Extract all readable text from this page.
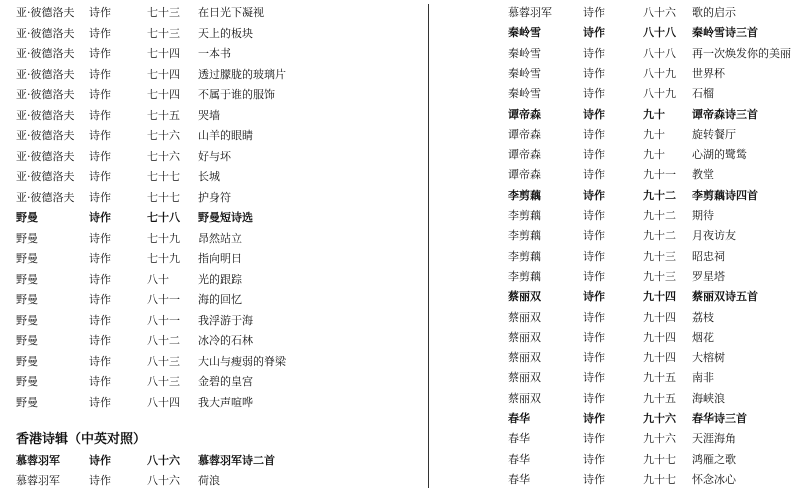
亚·彼德洛夫 诗作	七十三 在日光下凝视
亚·彼德洛夫 诗作	七十三 天上的板块
亚·彼德洛夫 诗作	七十四 一本书
亚·彼德洛夫 诗作	七十四 透过朦胧的玻璃片
亚·彼德洛夫 诗作	七十四 不属于谁的服饰
亚·彼德洛夫 诗作	七十五 哭墙
亚·彼德洛夫 诗作	七十六 山羊的眼睛
亚·彼德洛夫 诗作	七十六 好与坏
亚·彼德洛夫 诗作	七十七 长城
亚·彼德洛夫 诗作	七十七 护身符
野曼	诗作	七十八 野曼短诗选
野曼	诗作	七十九 昂然站立
野曼	诗作	七十九 指向明日
野曼	诗作	八十	光的跟踪
野曼	诗作	八十一 海的回忆
野曼	诗作	八十一 我浮游于海
野曼	诗作	八十二 冰冷的石林
野曼	诗作	八十三 大山与瘦弱的脊梁
野曼	诗作	八十三 金碧的皇宫
野曼	诗作	八十四 我大声喧哗
香港诗辑（中英对照）
慕蓉羽军	诗作	八十六 慕蓉羽军诗二首
慕蓉羽军	诗作	八十六 荷浪
慕蓉羽军	诗作	八十六 歌的启示
秦岭雪	诗作	八十八 秦岭雪诗三首
秦岭雪	诗作	八十八 再一次焕发你的美丽
秦岭雪	诗作	八十九 世界杯
秦岭雪	诗作	八十九 石榴
谭帝森	诗作	九十 谭帝森诗三首
谭帝森	诗作	九十 旋转餐厅
谭帝森	诗作	九十 心湖的鹭鸶
谭帝森	诗作	九十一 教堂
李剪藕	诗作	九十二 李剪藕诗四首
李剪藕	诗作	九十二 期待
李剪藕	诗作	九十二 月夜访友
李剪藕	诗作	九十三 昭忠祠
李剪藕	诗作	九十三 罗星塔
蔡丽双	诗作	九十四 蔡丽双诗五首
蔡丽双	诗作	九十四 荔枝
蔡丽双	诗作	九十四 烟花
蔡丽双	诗作	九十四 大榕树
蔡丽双	诗作	九十五 南非
蔡丽双	诗作	九十五 海峡浪
春华	诗作	九十六 春华诗三首
春华	诗作	九十六 天涯海角
春华	诗作	九十七 鸿雁之歌
春华	诗作	九十七 怀念冰心
